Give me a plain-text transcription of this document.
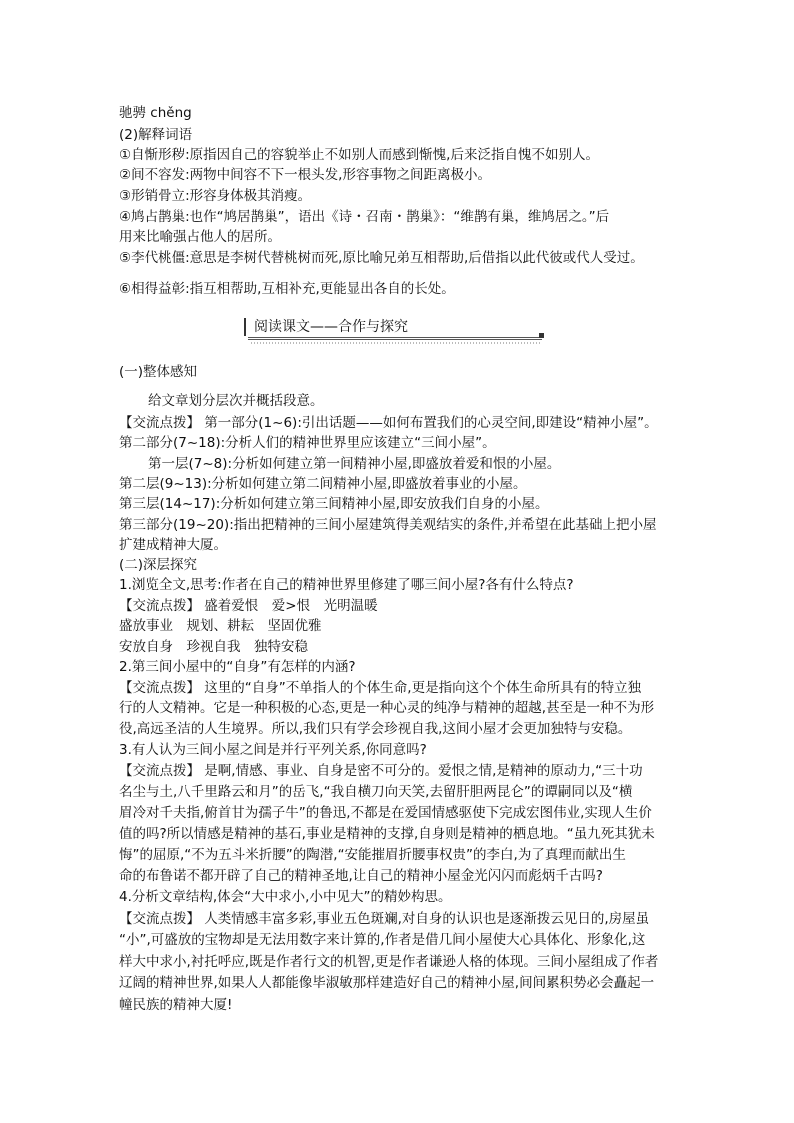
驰骋 chěng
(2)解释词语
①自惭形秽:原指因自己的容貌举止不如别人而感到惭愧,后来泛指自愧不如别人。
②间不容发:两物中间容不下一根头发,形容事物之间距离极小。
③形销骨立:形容身体极其消瘦。
④鸠占鹊巢:也作“鸠居鹊巢”，语出《诗・召南・鹊巢》：“维鹊有巢，维鸠居之。”后
用来比喻强占他人的居所。
⑤李代桃僵:意思是李树代替桃树而死,原比喻兄弟互相帮助,后借指以此代彼或代人受过。
⑥相得益彰:指互相帮助,互相补充,更能显出各自的长处。
阅读课文——合作与探究
(一)整体感知
给文章划分层次并概括段意。
【交流点拨】 第一部分(1~6):引出话题——如何布置我们的心灵空间,即建设“精神小屋”。
第二部分(7~18):分析人们的精神世界里应该建立“三间小屋”。
第一层(7~8):分析如何建立第一间精神小屋,即盛放着爱和恨的小屋。
第二层(9~13):分析如何建立第二间精神小屋,即盛放着事业的小屋。
第三层(14~17):分析如何建立第三间精神小屋,即安放我们自身的小屋。
第三部分(19~20):指出把精神的三间小屋建筑得美观结实的条件,并希望在此基础上把小屋
扩建成精神大厦。
(二)深层探究
1.浏览全文,思考:作者在自己的精神世界里修建了哪三间小屋?各有什么特点?
【交流点拨】 盛着爱恨　爱>恨　光明温暖
盛放事业　规划、耕耘　坚固优雅
安放自身　珍视自我　独特安稳
2.第三间小屋中的“自身”有怎样的内涵?
【交流点拨】 这里的“自身”不单指人的个体生命,更是指向这个个体生命所具有的特立独
行的人文精神。它是一种积极的心态,更是一种心灵的纯净与精神的超越,甚至是一种不为形
役,高远圣洁的人生境界。所以,我们只有学会珍视自我,这间小屋才会更加独特与安稳。
3.有人认为三间小屋之间是并行平列关系,你同意吗?
【交流点拨】 是啊,情感、事业、自身是密不可分的。爱恨之情,是精神的原动力,“三十功
名尘与土,八千里路云和月”的岳飞,“我自横刀向天笑,去留肝胆两昆仑”的谭嗣同以及“横
眉冷对千夫指,俯首甘为孺子牛”的鲁迅,不都是在爱国情感驱使下完成宏图伟业,实现人生价
值的吗?所以情感是精神的基石,事业是精神的支撑,自身则是精神的栖息地。“虽九死其犹未
悔”的屈原,“不为五斗米折腰”的陶潜,“安能摧眉折腰事权贵”的李白,为了真理而献出生
命的布鲁诺不都开辟了自己的精神圣地,让自己的精神小屋金光闪闪而彪炳千古吗?
4.分析文章结构,体会“大中求小,小中见大”的精妙构思。
【交流点拨】 人类情感丰富多彩,事业五色斑斓,对自身的认识也是逐渐拨云见日的,房屋虽
“小”,可盛放的宝物却是无法用数字来计算的,作者是借几间小屋使大心具体化、形象化,这
样大中求小,衬托呼应,既是作者行文的机智,更是作者谦逊人格的体现。三间小屋组成了作者
辽阔的精神世界,如果人人都能像毕淑敏那样建造好自己的精神小屋,间间累积势必会矗起一
幢民族的精神大厦!
